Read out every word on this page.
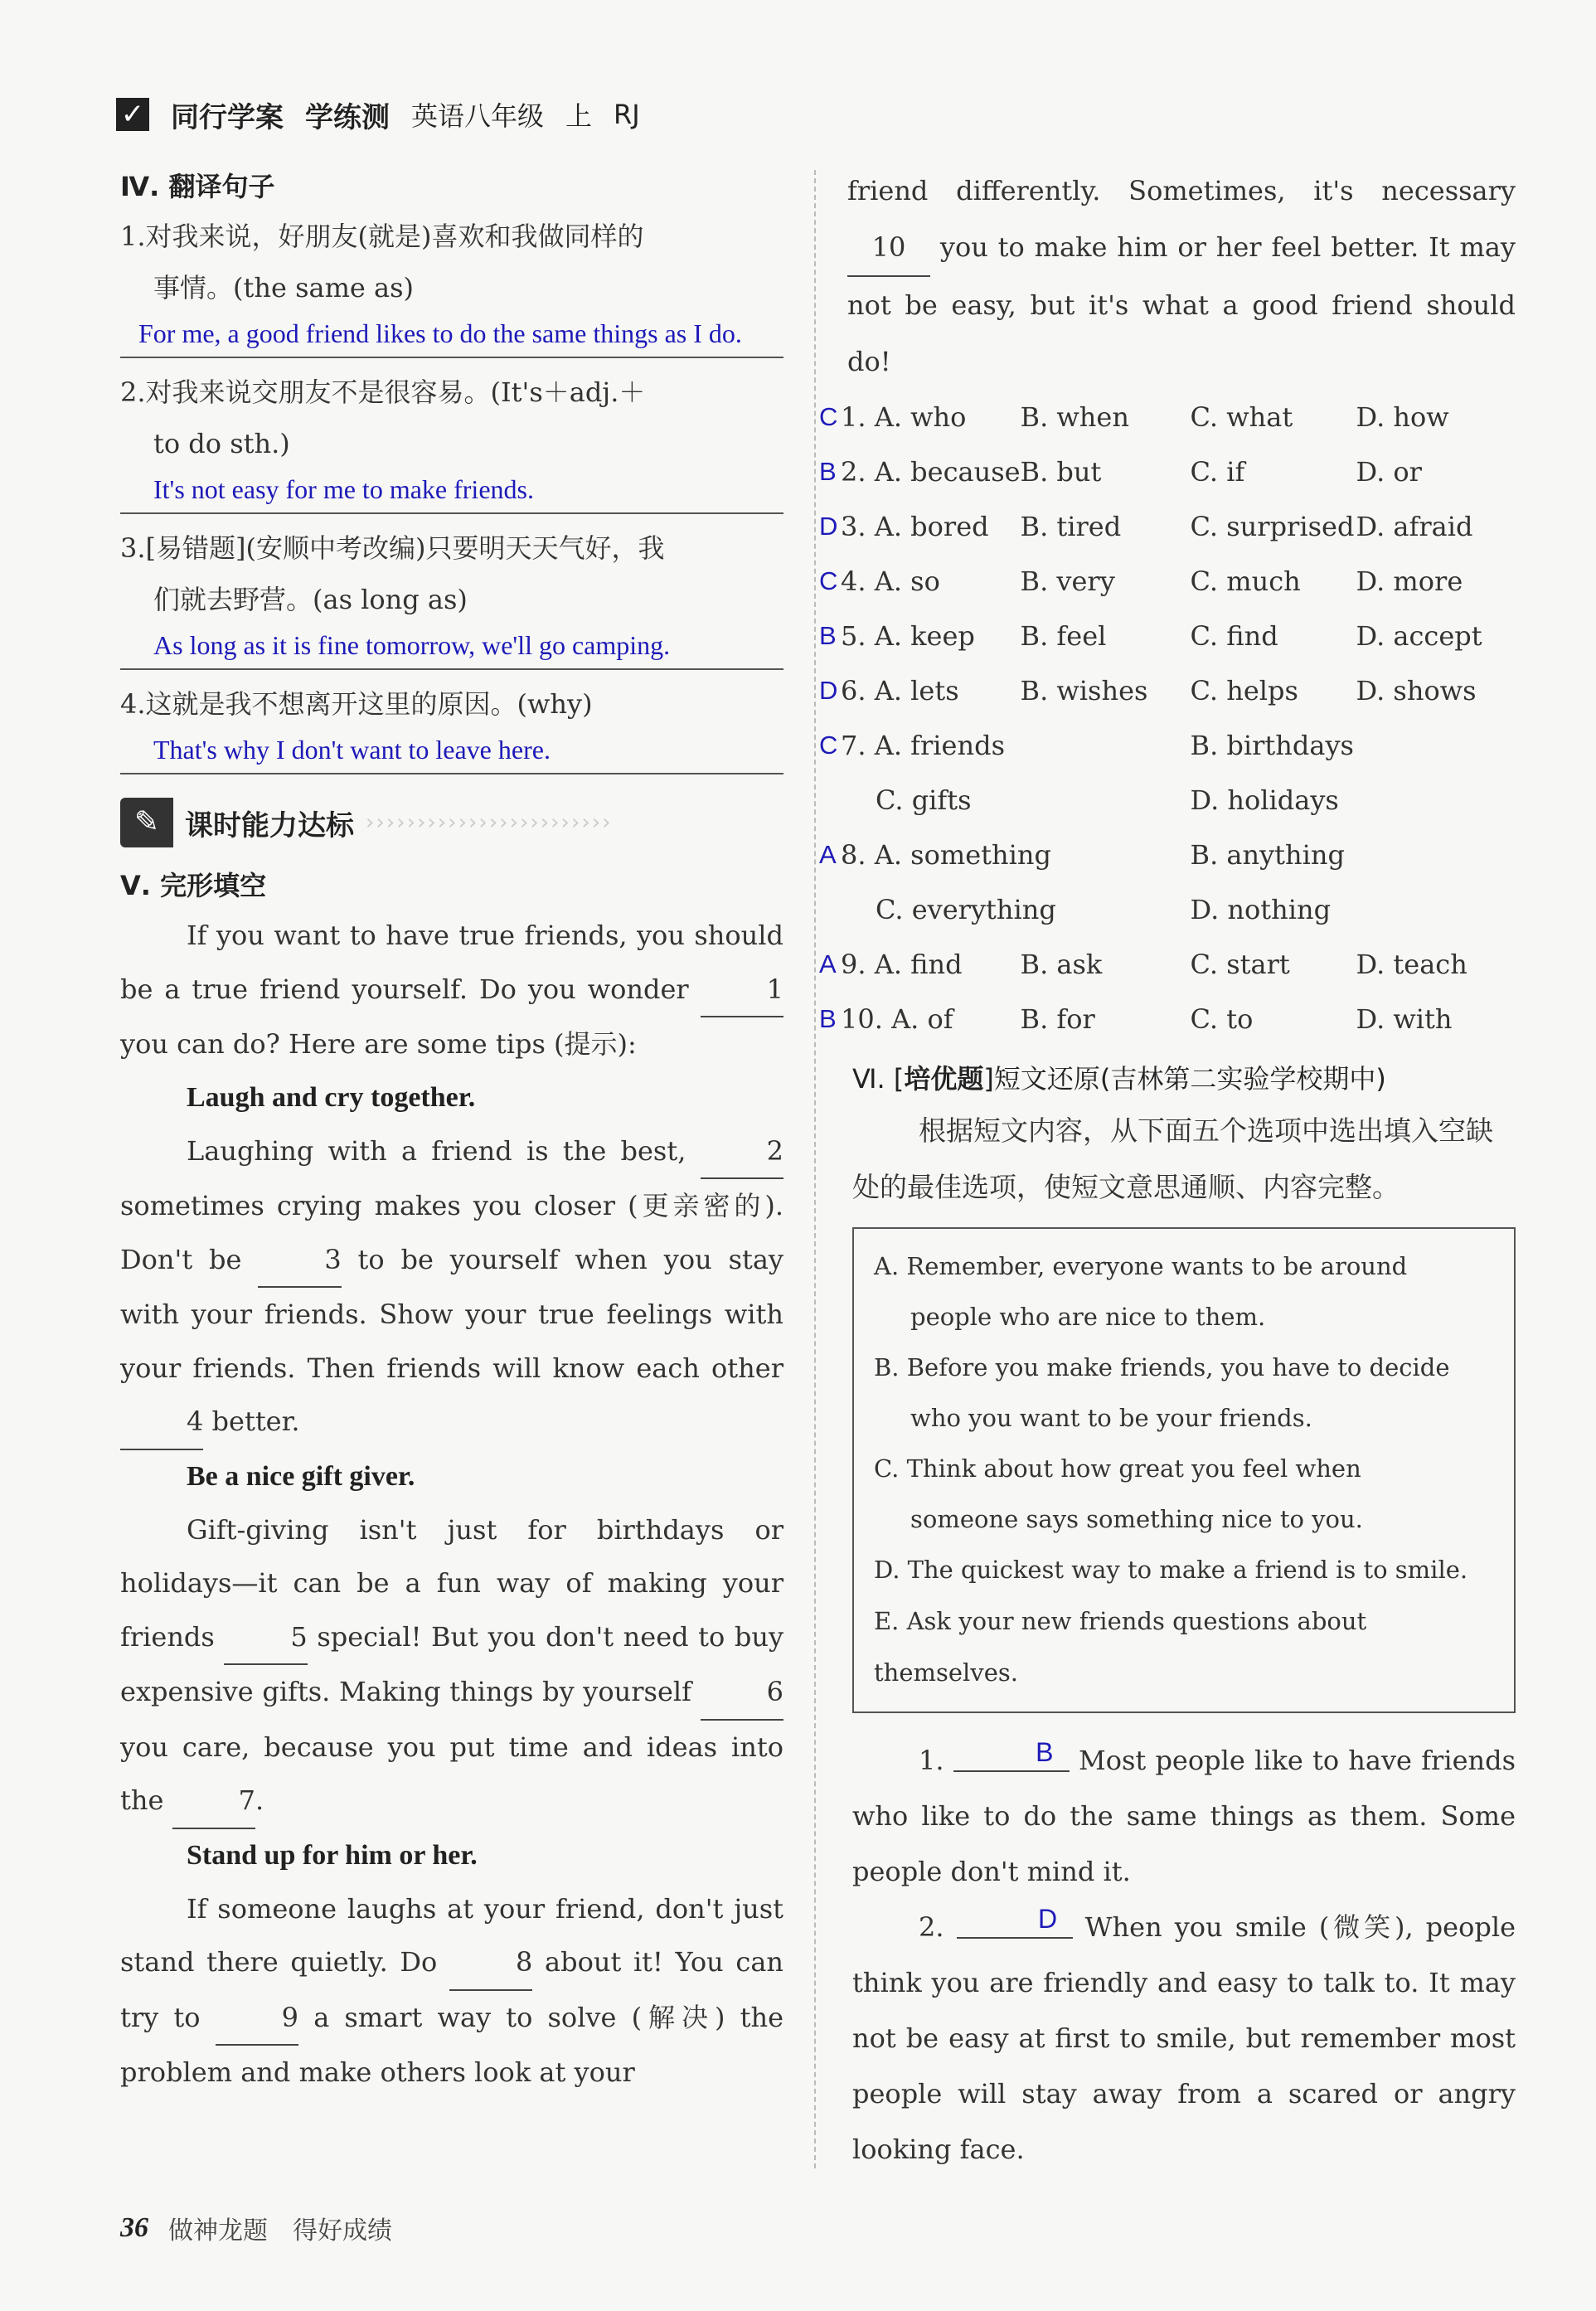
✓ 同行学案 学练测 英语八年级 上 RJ

Ⅳ. 翻译句子

1.对我来说，好朋友(就是)喜欢和我做同样的
事情。(the same as)
For me, a good friend likes to do the same things as I do.
2.对我来说交朋友不是很容易。(It's＋adj.＋
to do sth.)
It's not easy for me to make friends.
3.[易错题](安顺中考改编)只要明天天气好，我
们就去野营。(as long as)
As long as it is fine tomorrow, we'll go camping.
4.这就是我不想离开这里的原因。(why)
That's why I don't want to leave here.
✎ 课时能力达标 ››››››››››››››››››››››››

Ⅴ. 完形填空

If you want to have true friends, you should be a true friend yourself. Do you wonder	1 you can do? Here are some tips (提示):

Laugh and cry together.

Laughing with a friend is the best,	2 sometimes crying makes you closer (更亲密的). Don't be	3 to be yourself when you stay with your friends. Show your true feelings with your friends. Then friends will know each other 4 better.

Be a nice gift giver.

Gift-giving isn't just for birthdays or holidays—it can be a fun way of making your friends	5 special! But you don't need to buy expensive gifts. Making things by yourself	6 you care, because you put time and ideas into the	7.

Stand up for him or her.

If someone laughs at your friend, don't just stand there quietly. Do	8 about it! You can try to	9 a smart way to solve (解决) the problem and make others look at your

friend differently. Sometimes, it's necessary 10 you to make him or her feel better. It may not be easy, but it's what a good friend should do!

C	1. A. who	B. when	C. what	D. how
B	2. A. because	B. but	C. if	D. or
D	3. A. bored	B. tired	C. surprised	D. afraid
C	4. A. so	B. very	C. much	D. more
B	5. A. keep	B. feel	C. find	D. accept
D	6. A. lets	B. wishes	C. helps	D. shows
C	7. A. friends		B. birthdays	
	C. gifts		D. holidays	
A	8. A. something		B. anything	
	C. everything		D. nothing	
A	9. A. find	B. ask	C. start	D. teach
B	10. A. of	B. for	C. to	D. with
Ⅵ. [培优题]短文还原(吉林第二实验学校期中)

根据短文内容，从下面五个选项中选出填入空缺处的最佳选项，使短文意思通顺、内容完整。

A. Remember, everyone wants to be around
people who are nice to them.
B. Before you make friends, you have to decide
who you want to be your friends.
C. Think about how great you feel when
someone says something nice to you.
D. The quickest way to make a friend is to smile.
E. Ask your new friends questions about themselves.

1.	B Most people like to have friends who like to do the same things as them. Some people don't mind it.

2.	D When you smile (微笑), people think you are friendly and easy to talk to. It may not be easy at first to smile, but remember most people will stay away from a scared or angry looking face.

36 做神龙题　得好成绩
